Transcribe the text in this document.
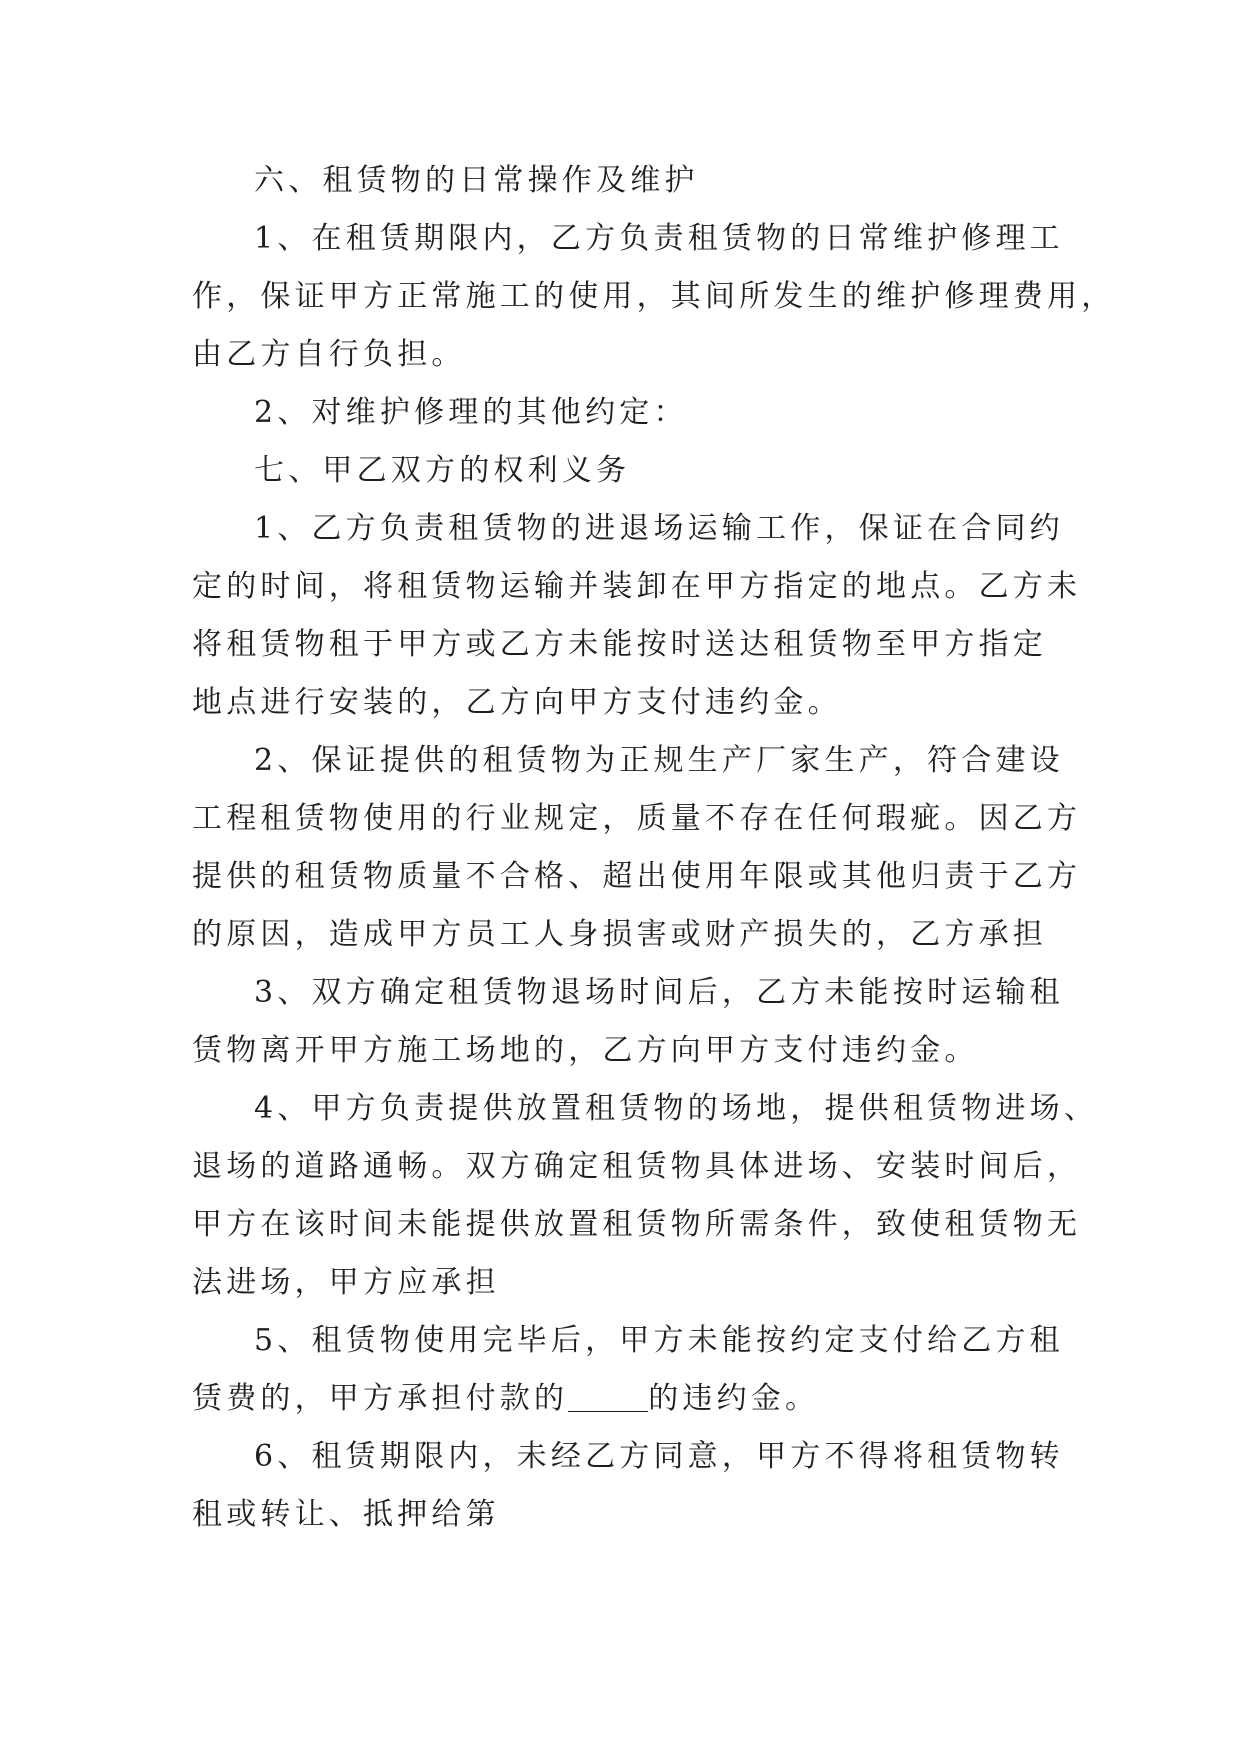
六、租赁物的日常操作及维护
1、在租赁期限内，乙方负责租赁物的日常维护修理工
作，保证甲方正常施工的使用，其间所发生的维护修理费用，
由乙方自行负担。
2、对维护修理的其他约定：
七、甲乙双方的权利义务
1、乙方负责租赁物的进退场运输工作，保证在合同约
定的时间，将租赁物运输并装卸在甲方指定的地点。乙方未
将租赁物租于甲方或乙方未能按时送达租赁物至甲方指定
地点进行安装的，乙方向甲方支付违约金。
2、保证提供的租赁物为正规生产厂家生产，符合建设
工程租赁物使用的行业规定，质量不存在任何瑕疵。因乙方
提供的租赁物质量不合格、超出使用年限或其他归责于乙方
的原因，造成甲方员工人身损害或财产损失的，乙方承担
3、双方确定租赁物退场时间后，乙方未能按时运输租
赁物离开甲方施工场地的，乙方向甲方支付违约金。
4、甲方负责提供放置租赁物的场地，提供租赁物进场、
退场的道路通畅。双方确定租赁物具体进场、安装时间后，
甲方在该时间未能提供放置租赁物所需条件，致使租赁物无
法进场，甲方应承担
5、租赁物使用完毕后，甲方未能按约定支付给乙方租
赁费的，甲方承担付款的	的违约金。
6、租赁期限内，未经乙方同意，甲方不得将租赁物转
租或转让、抵押给第
